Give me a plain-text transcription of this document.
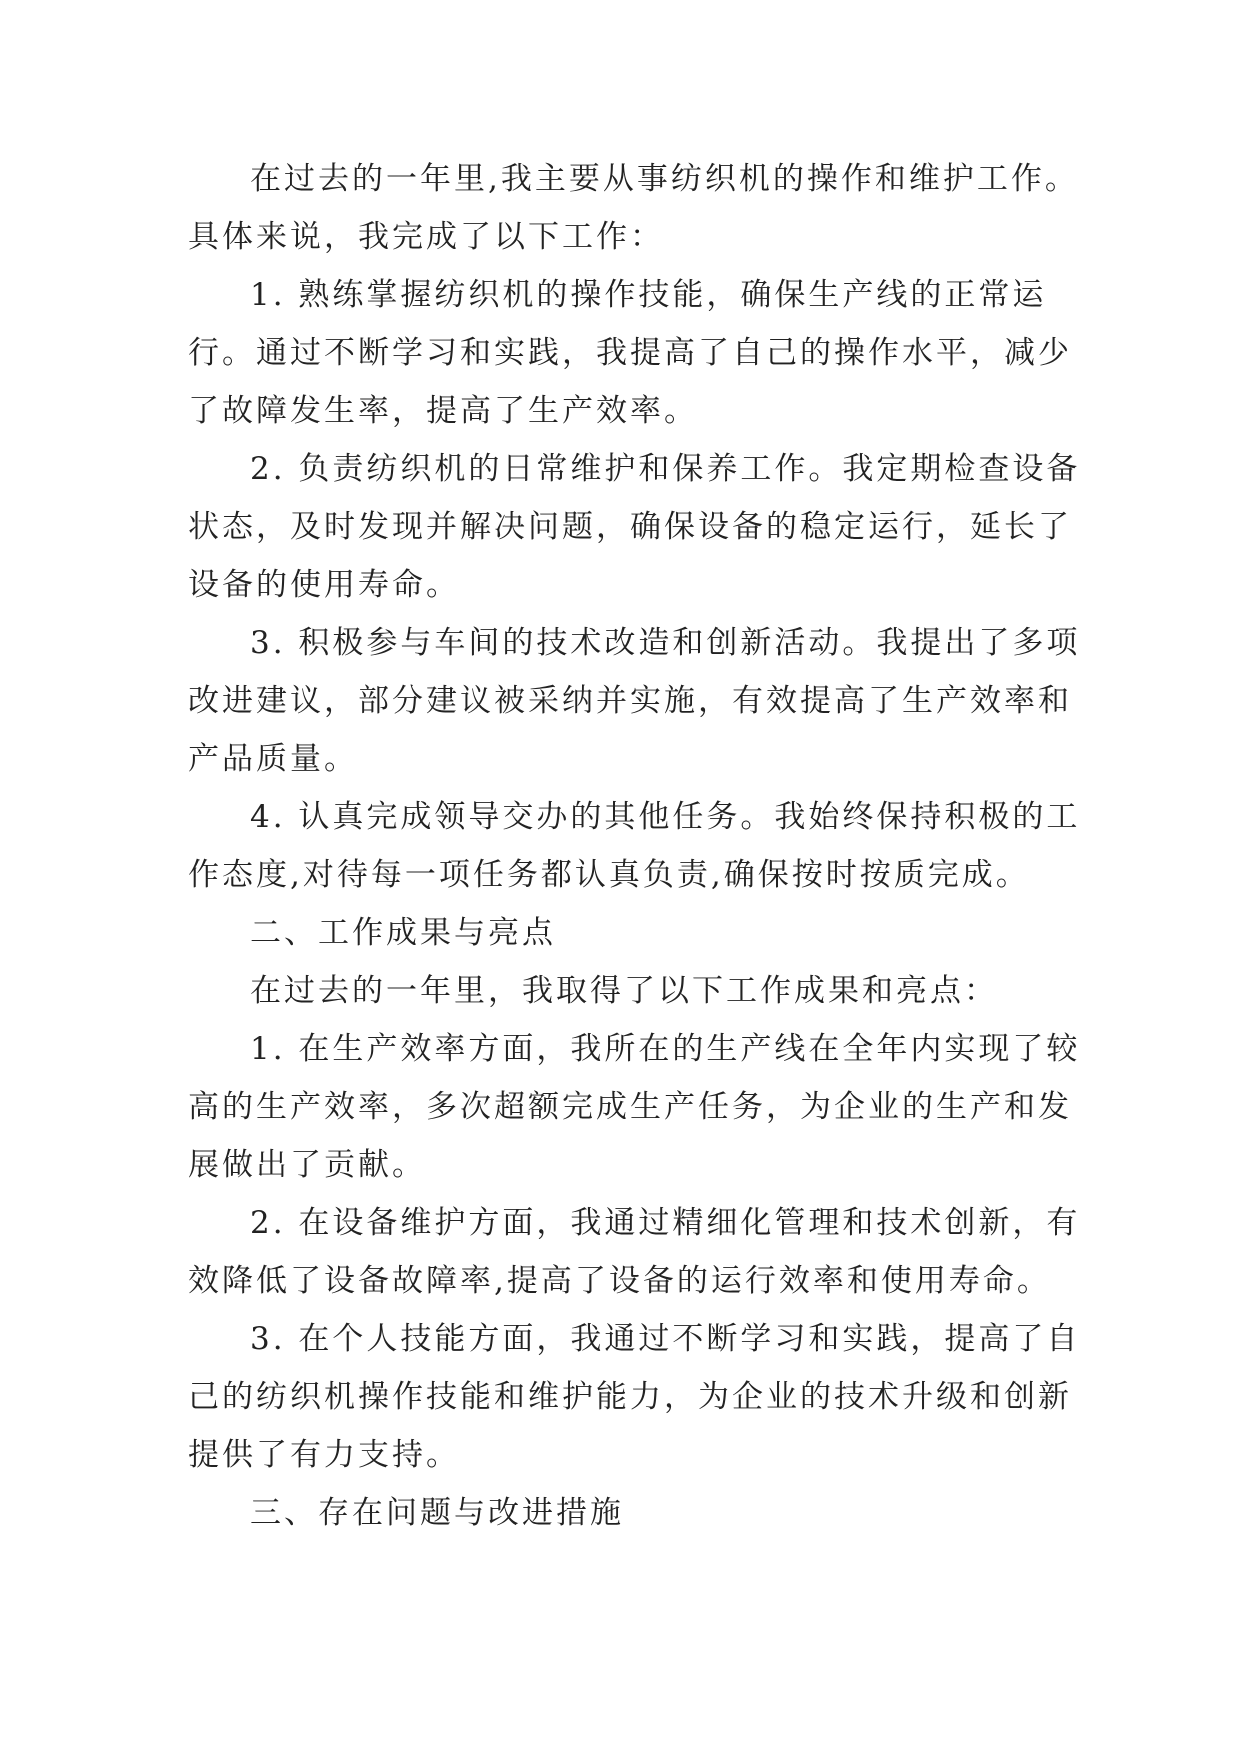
在过去的一年里,我主要从事纺织机的操作和维护工作。具体来说，我完成了以下工作：

1. 熟练掌握纺织机的操作技能，确保生产线的正常运行。通过不断学习和实践，我提高了自己的操作水平，减少了故障发生率，提高了生产效率。

2. 负责纺织机的日常维护和保养工作。我定期检查设备状态，及时发现并解决问题，确保设备的稳定运行，延长了设备的使用寿命。

3. 积极参与车间的技术改造和创新活动。我提出了多项改进建议，部分建议被采纳并实施，有效提高了生产效率和产品质量。

4. 认真完成领导交办的其他任务。我始终保持积极的工作态度,对待每一项任务都认真负责,确保按时按质完成。

二、工作成果与亮点

在过去的一年里，我取得了以下工作成果和亮点：

1. 在生产效率方面，我所在的生产线在全年内实现了较高的生产效率，多次超额完成生产任务，为企业的生产和发展做出了贡献。

2. 在设备维护方面，我通过精细化管理和技术创新，有效降低了设备故障率,提高了设备的运行效率和使用寿命。

3. 在个人技能方面，我通过不断学习和实践，提高了自己的纺织机操作技能和维护能力，为企业的技术升级和创新提供了有力支持。

三、存在问题与改进措施
